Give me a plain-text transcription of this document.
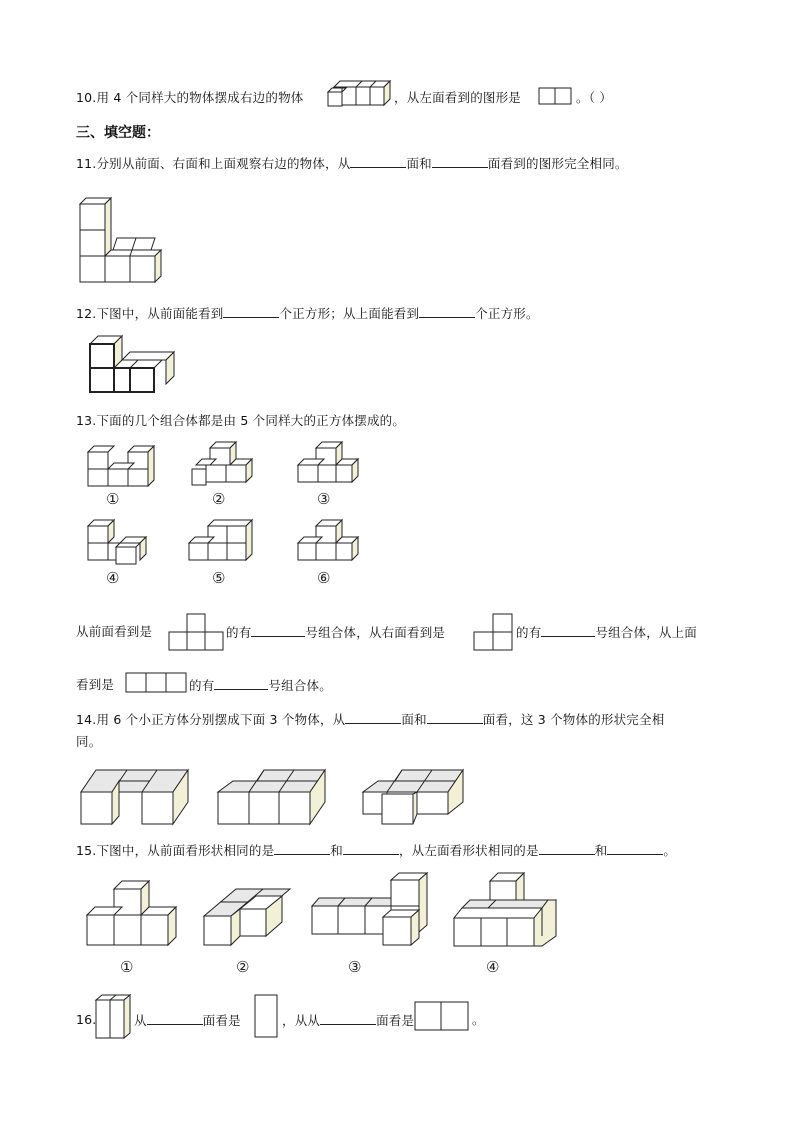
10.用 4 个同样大的物体摆成右边的物体	，从左面看到的图形是	。（ ）
三、填空题：
11.分别从前面、右面和上面观察右边的物体，从	面和	面看到的图形完全相同。
12.下图中，从前面能看到	个正方形；从上面能看到	个正方形。
13.下面的几个组合体都是由 5 个同样大的正方体摆成的。
①	②	③
④	⑤	⑥
从前面看到是	的有	号组合体，从右面看到是	的有	号组合体，从上面
看到是	的有	号组合体。
14.用 6 个小正方体分别摆成下面 3 个物体，从	面和	面看，这 3 个物体的形状完全相
同。
15.下图中，从前面看形状相同的是	和	，从左面看形状相同的是	和	。
①	②	③	④
16.	从	面看是	，从从	面看是	。
